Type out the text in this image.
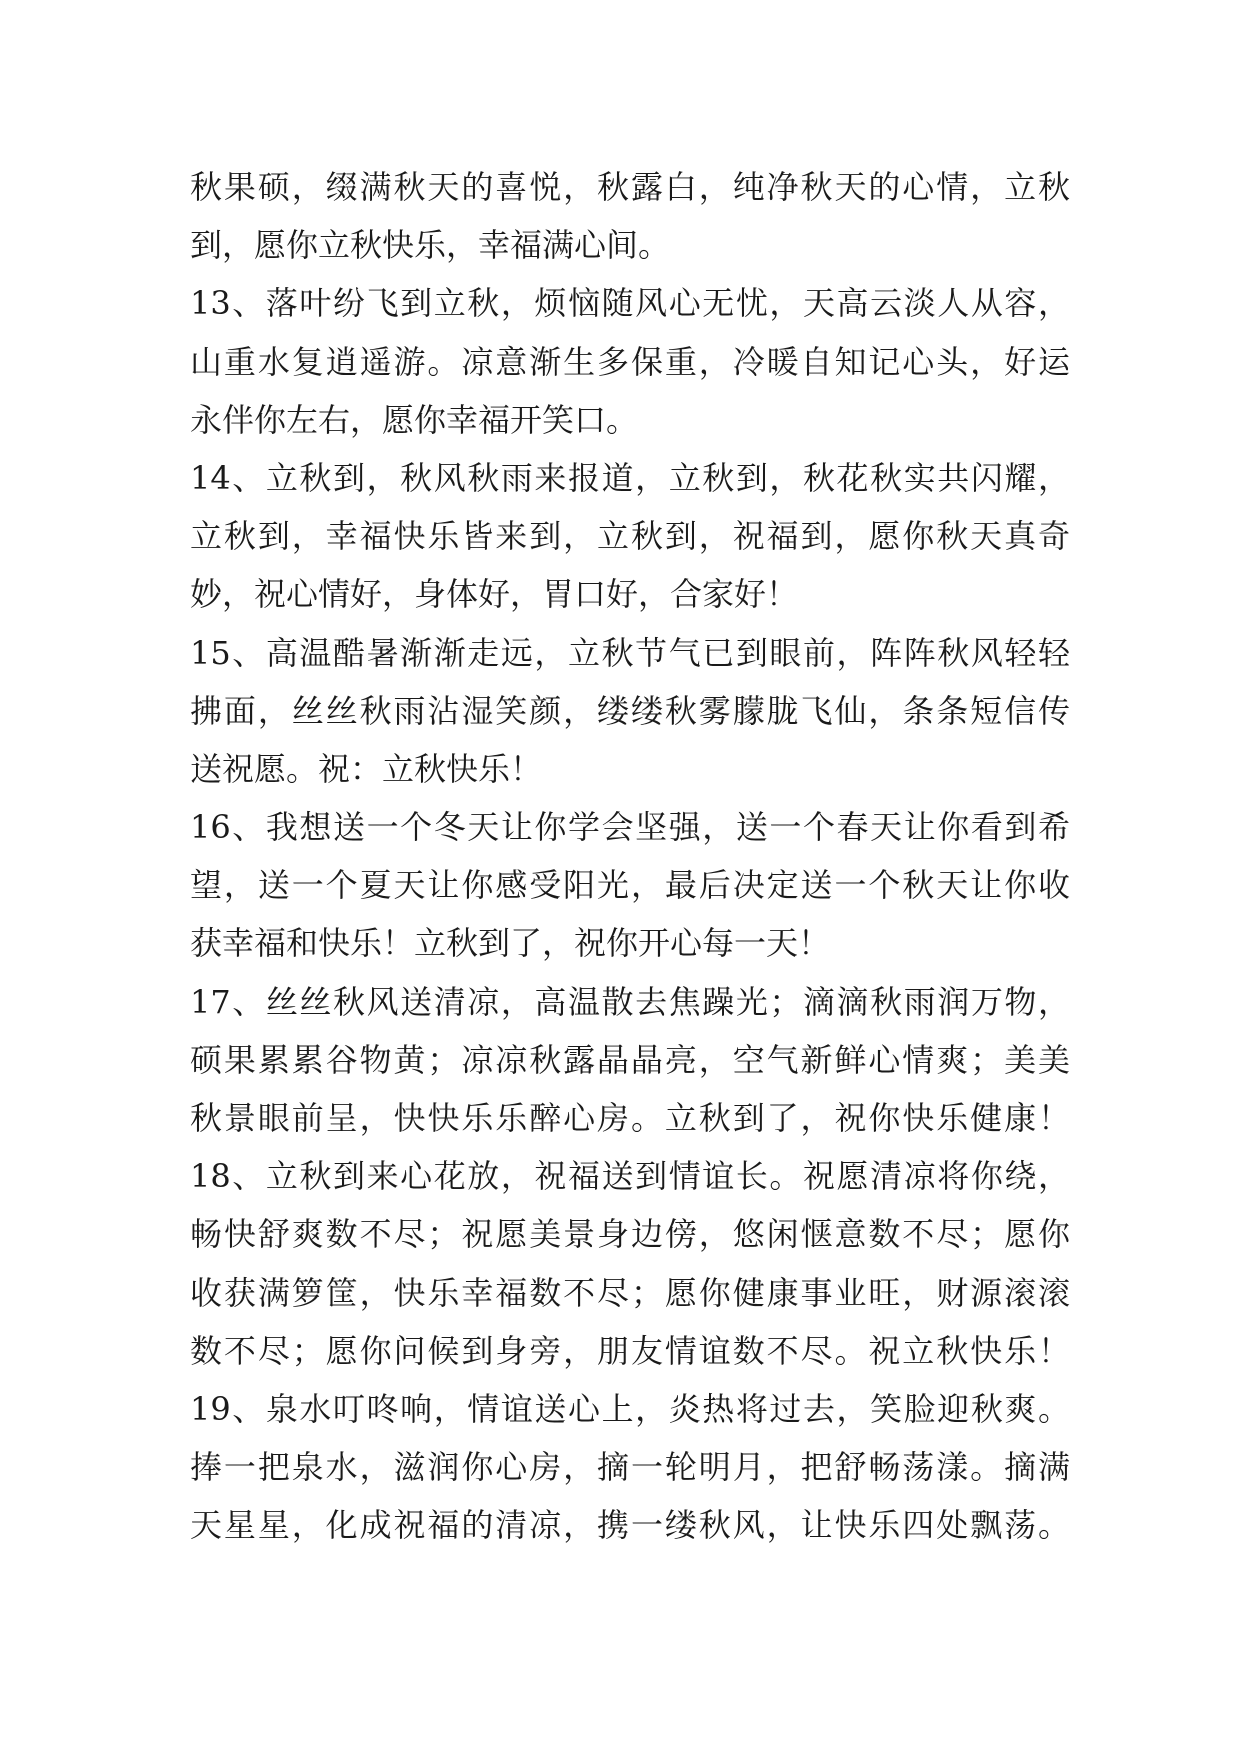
秋果硕，缀满秋天的喜悦，秋露白，纯净秋天的心情，立秋
到，愿你立秋快乐，幸福满心间。
13、落叶纷飞到立秋，烦恼随风心无忧，天高云淡人从容，
山重水复逍遥游。凉意渐生多保重，冷暖自知记心头，好运
永伴你左右，愿你幸福开笑口。
14、立秋到，秋风秋雨来报道，立秋到，秋花秋实共闪耀，
立秋到，幸福快乐皆来到，立秋到，祝福到，愿你秋天真奇
妙，祝心情好，身体好，胃口好，合家好！
15、高温酷暑渐渐走远，立秋节气已到眼前，阵阵秋风轻轻
拂面，丝丝秋雨沾湿笑颜，缕缕秋雾朦胧飞仙，条条短信传
送祝愿。祝：立秋快乐！
16、我想送一个冬天让你学会坚强，送一个春天让你看到希
望，送一个夏天让你感受阳光，最后决定送一个秋天让你收
获幸福和快乐！立秋到了，祝你开心每一天！
17、丝丝秋风送清凉，高温散去焦躁光；滴滴秋雨润万物，
硕果累累谷物黄；凉凉秋露晶晶亮，空气新鲜心情爽；美美
秋景眼前呈，快快乐乐醉心房。立秋到了，祝你快乐健康！
18、立秋到来心花放，祝福送到情谊长。祝愿清凉将你绕，
畅快舒爽数不尽；祝愿美景身边傍，悠闲惬意数不尽；愿你
收获满箩筐，快乐幸福数不尽；愿你健康事业旺，财源滚滚
数不尽；愿你问候到身旁，朋友情谊数不尽。祝立秋快乐！
19、泉水叮咚响，情谊送心上，炎热将过去，笑脸迎秋爽。
捧一把泉水，滋润你心房，摘一轮明月，把舒畅荡漾。摘满
天星星，化成祝福的清凉，携一缕秋风，让快乐四处飘荡。
